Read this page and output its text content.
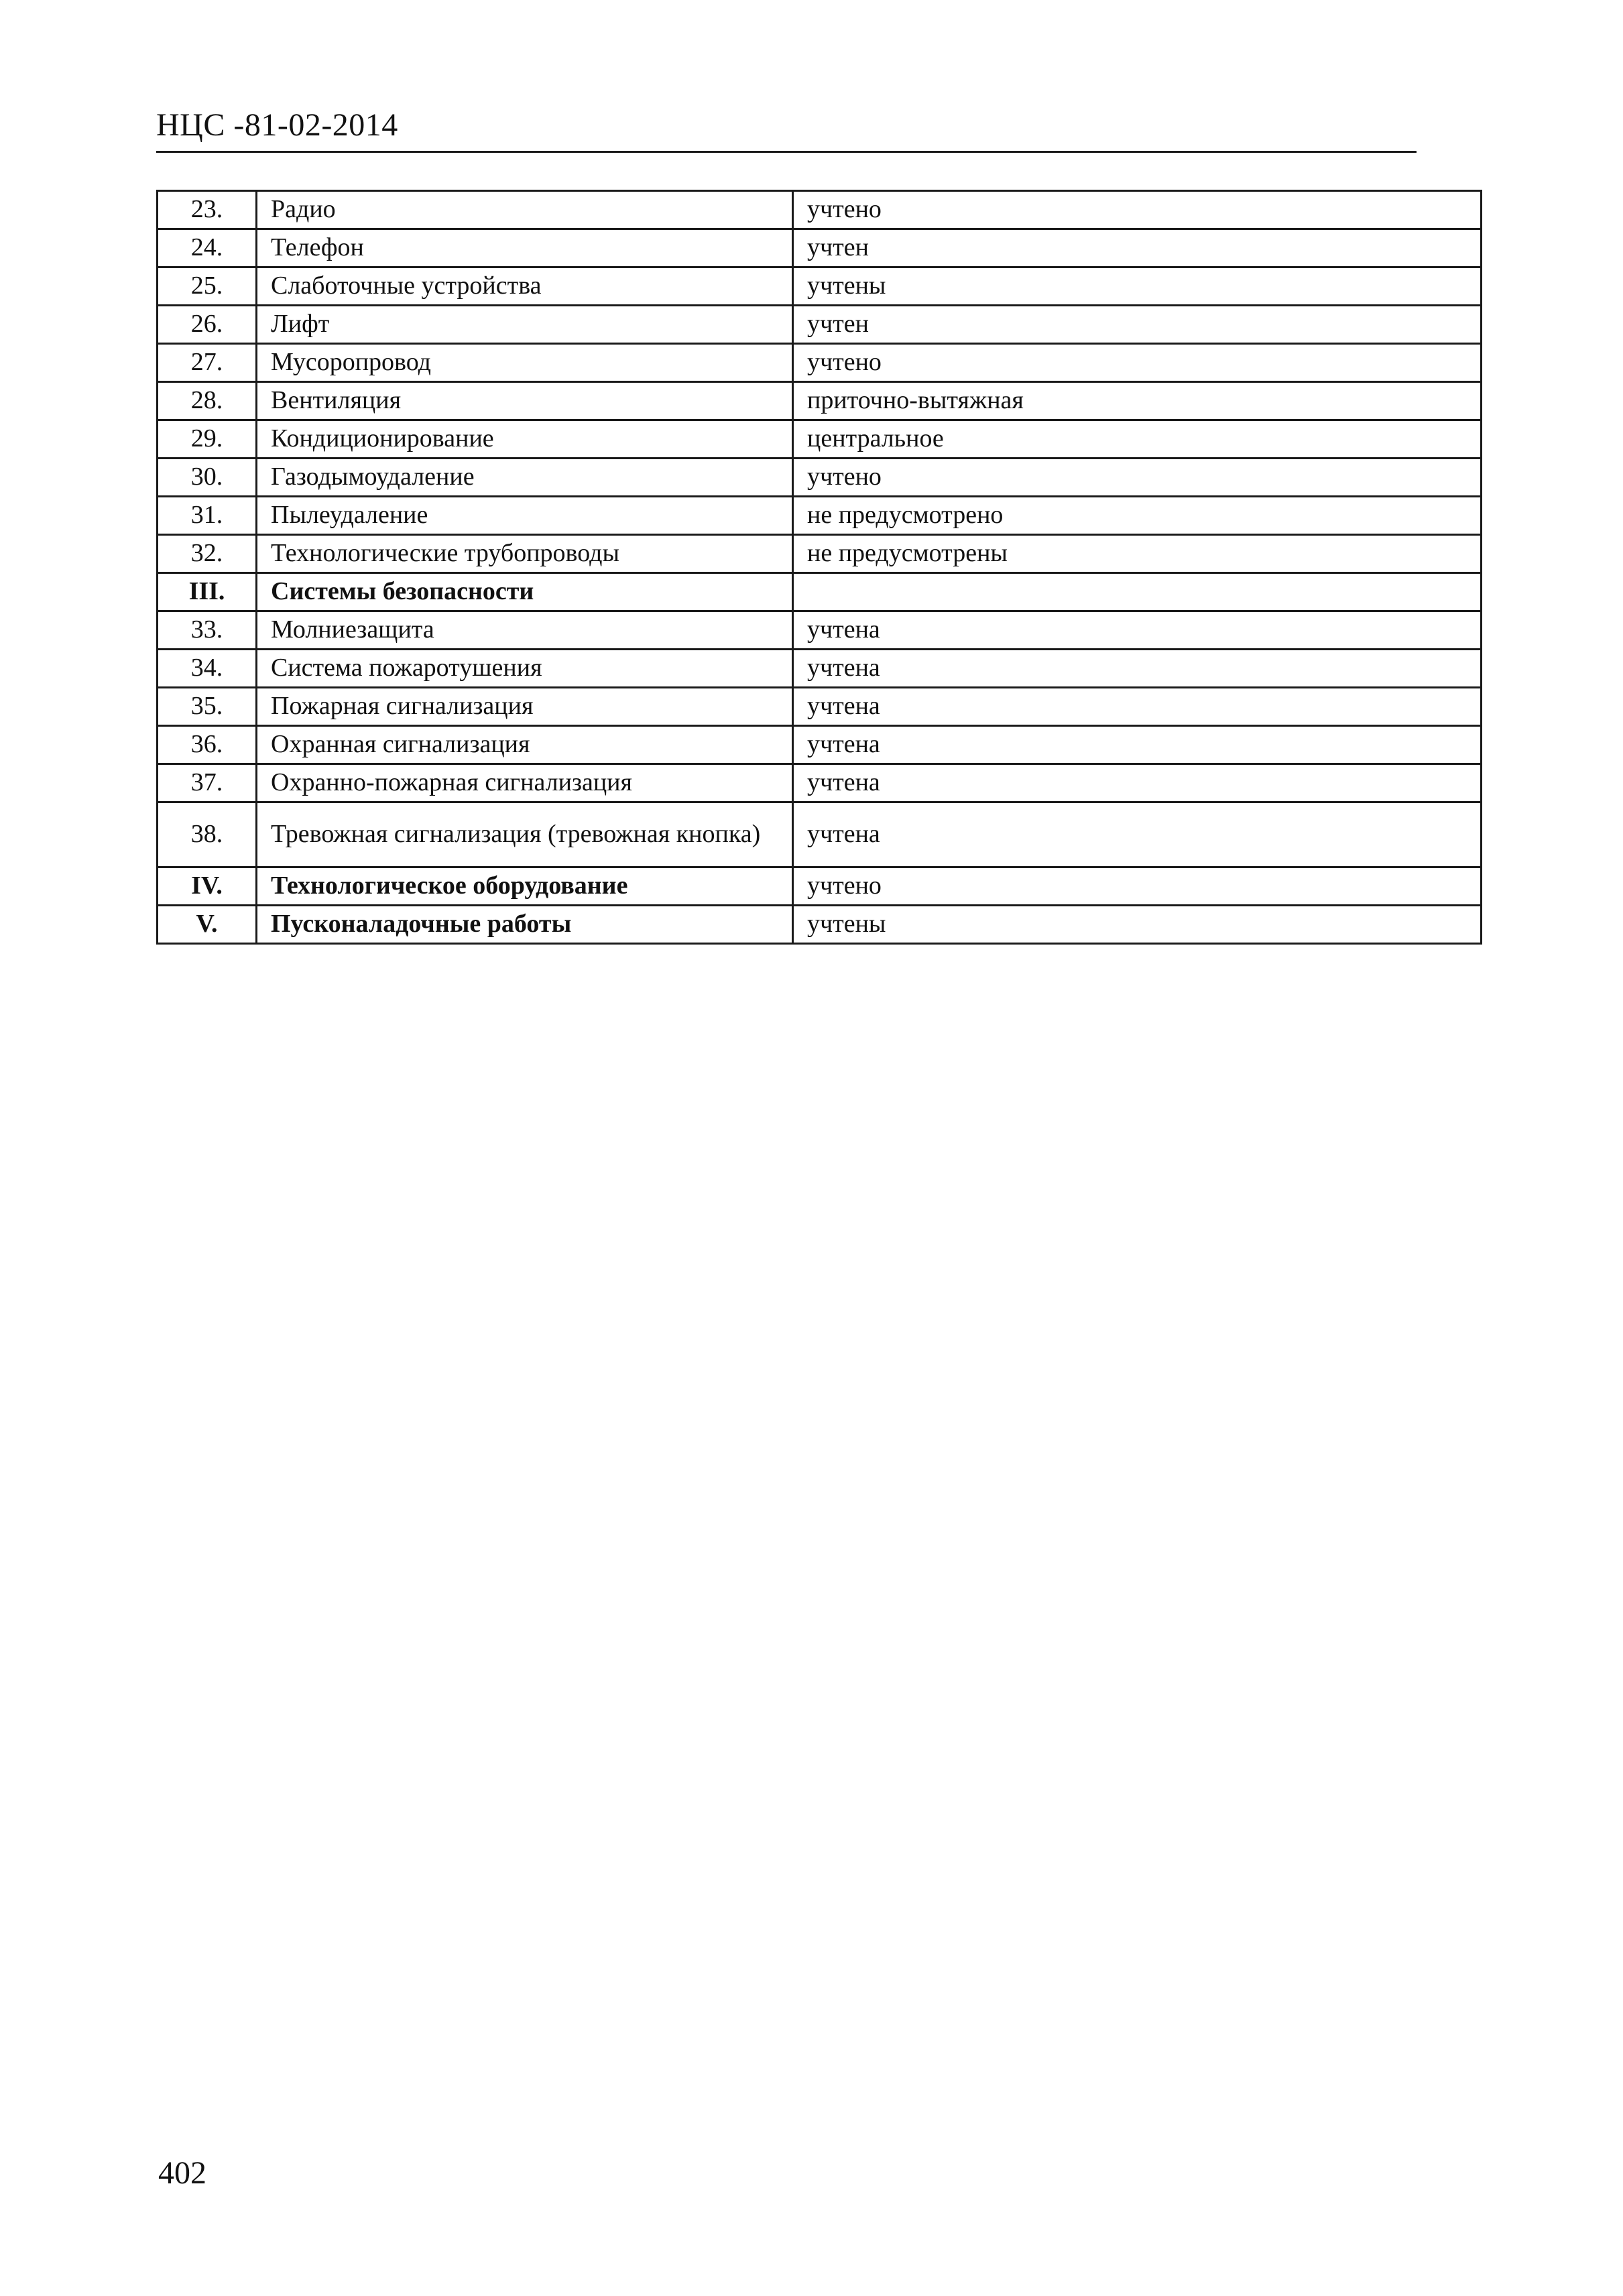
НЦС -81-02-2014
23.	Радио	учтено
24.	Телефон	учтен
25.	Слаботочные устройства	учтены
26.	Лифт	учтен
27.	Мусоропровод	учтено
28.	Вентиляция	приточно-вытяжная
29.	Кондиционирование	центральное
30.	Газодымоудаление	учтено
31.	Пылеудаление	не предусмотрено
32.	Технологические трубопроводы	не предусмотрены
III.	Системы безопасности	
33.	Молниезащита	учтена
34.	Система пожаротушения	учтена
35.	Пожарная сигнализация	учтена
36.	Охранная сигнализация	учтена
37.	Охранно-пожарная сигнализация	учтена
38.	Тревожная сигнализация (тревожная кнопка)	учтена
IV.	Технологическое оборудование	учтено
V.	Пусконаладочные работы	учтены
402
